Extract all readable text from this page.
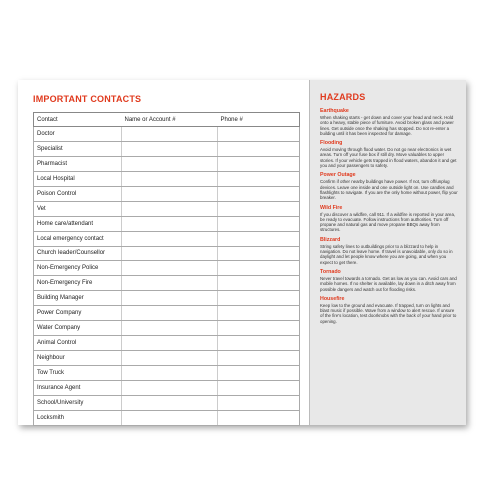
IMPORTANT CONTACTS
Contact	Name or Account #	Phone #
Doctor		
Specialist		
Pharmacist		
Local Hospital		
Poison Control		
Vet		
Home care/attendant		
Local emergency contact		
Church leader/Counsellor		
Non-Emergency Police		
Non-Emergency Fire		
Building Manager		
Power Company		
Water Company		
Animal Control		
Neighbour		
Tow Truck		
Insurance Agent		
School/University		
Locksmith		
HAZARDS
Earthquake

When shaking starts - get down and cover your head and neck. Hold onto a heavy, stable piece of furniture. Avoid broken glass and power lines. Get outside once the shaking has stopped. Do not re-enter a building until it has been inspected for damage.

Flooding

Avoid moving through flood water. Do not go near electronics in wet areas. Turn off your fuse box if still dry. Move valuables to upper stories. If your vehicle gets trapped in flood waters, abandon it and get you and your passengers to safety.

Power Outage

Confirm if other nearby buildings have power. If not, turn off/unplug devices. Leave one inside and one outside light on. Use candles and flashlights to navigate. If you are the only home without power, flip your breaker.

Wild Fire

If you discover a wildfire, call 911. If a wildfire is reported in your area, be ready to evacuate. Follow instructions from authorities. Turn off propane and natural gas and move propane BBQs away from structures.

Blizzard

String safety lines to outbuildings prior to a blizzard to help in navigation. Do not leave home. If travel is unavoidable, only do so in daylight and let people know where you are going, and when you expect to get there.

Tornado

Never travel towards a tornado. Get as low as you can. Avoid cars and mobile homes. If no shelter is available, lay down in a ditch away from possible dangers and watch out for flooding risks.

Housefire

Keep low to the ground and evacuate. If trapped, turn on lights and blast music if possible. Wave from a window to alert rescue. If unsure of the fire's location, test doorknobs with the back of your hand prior to opening.
